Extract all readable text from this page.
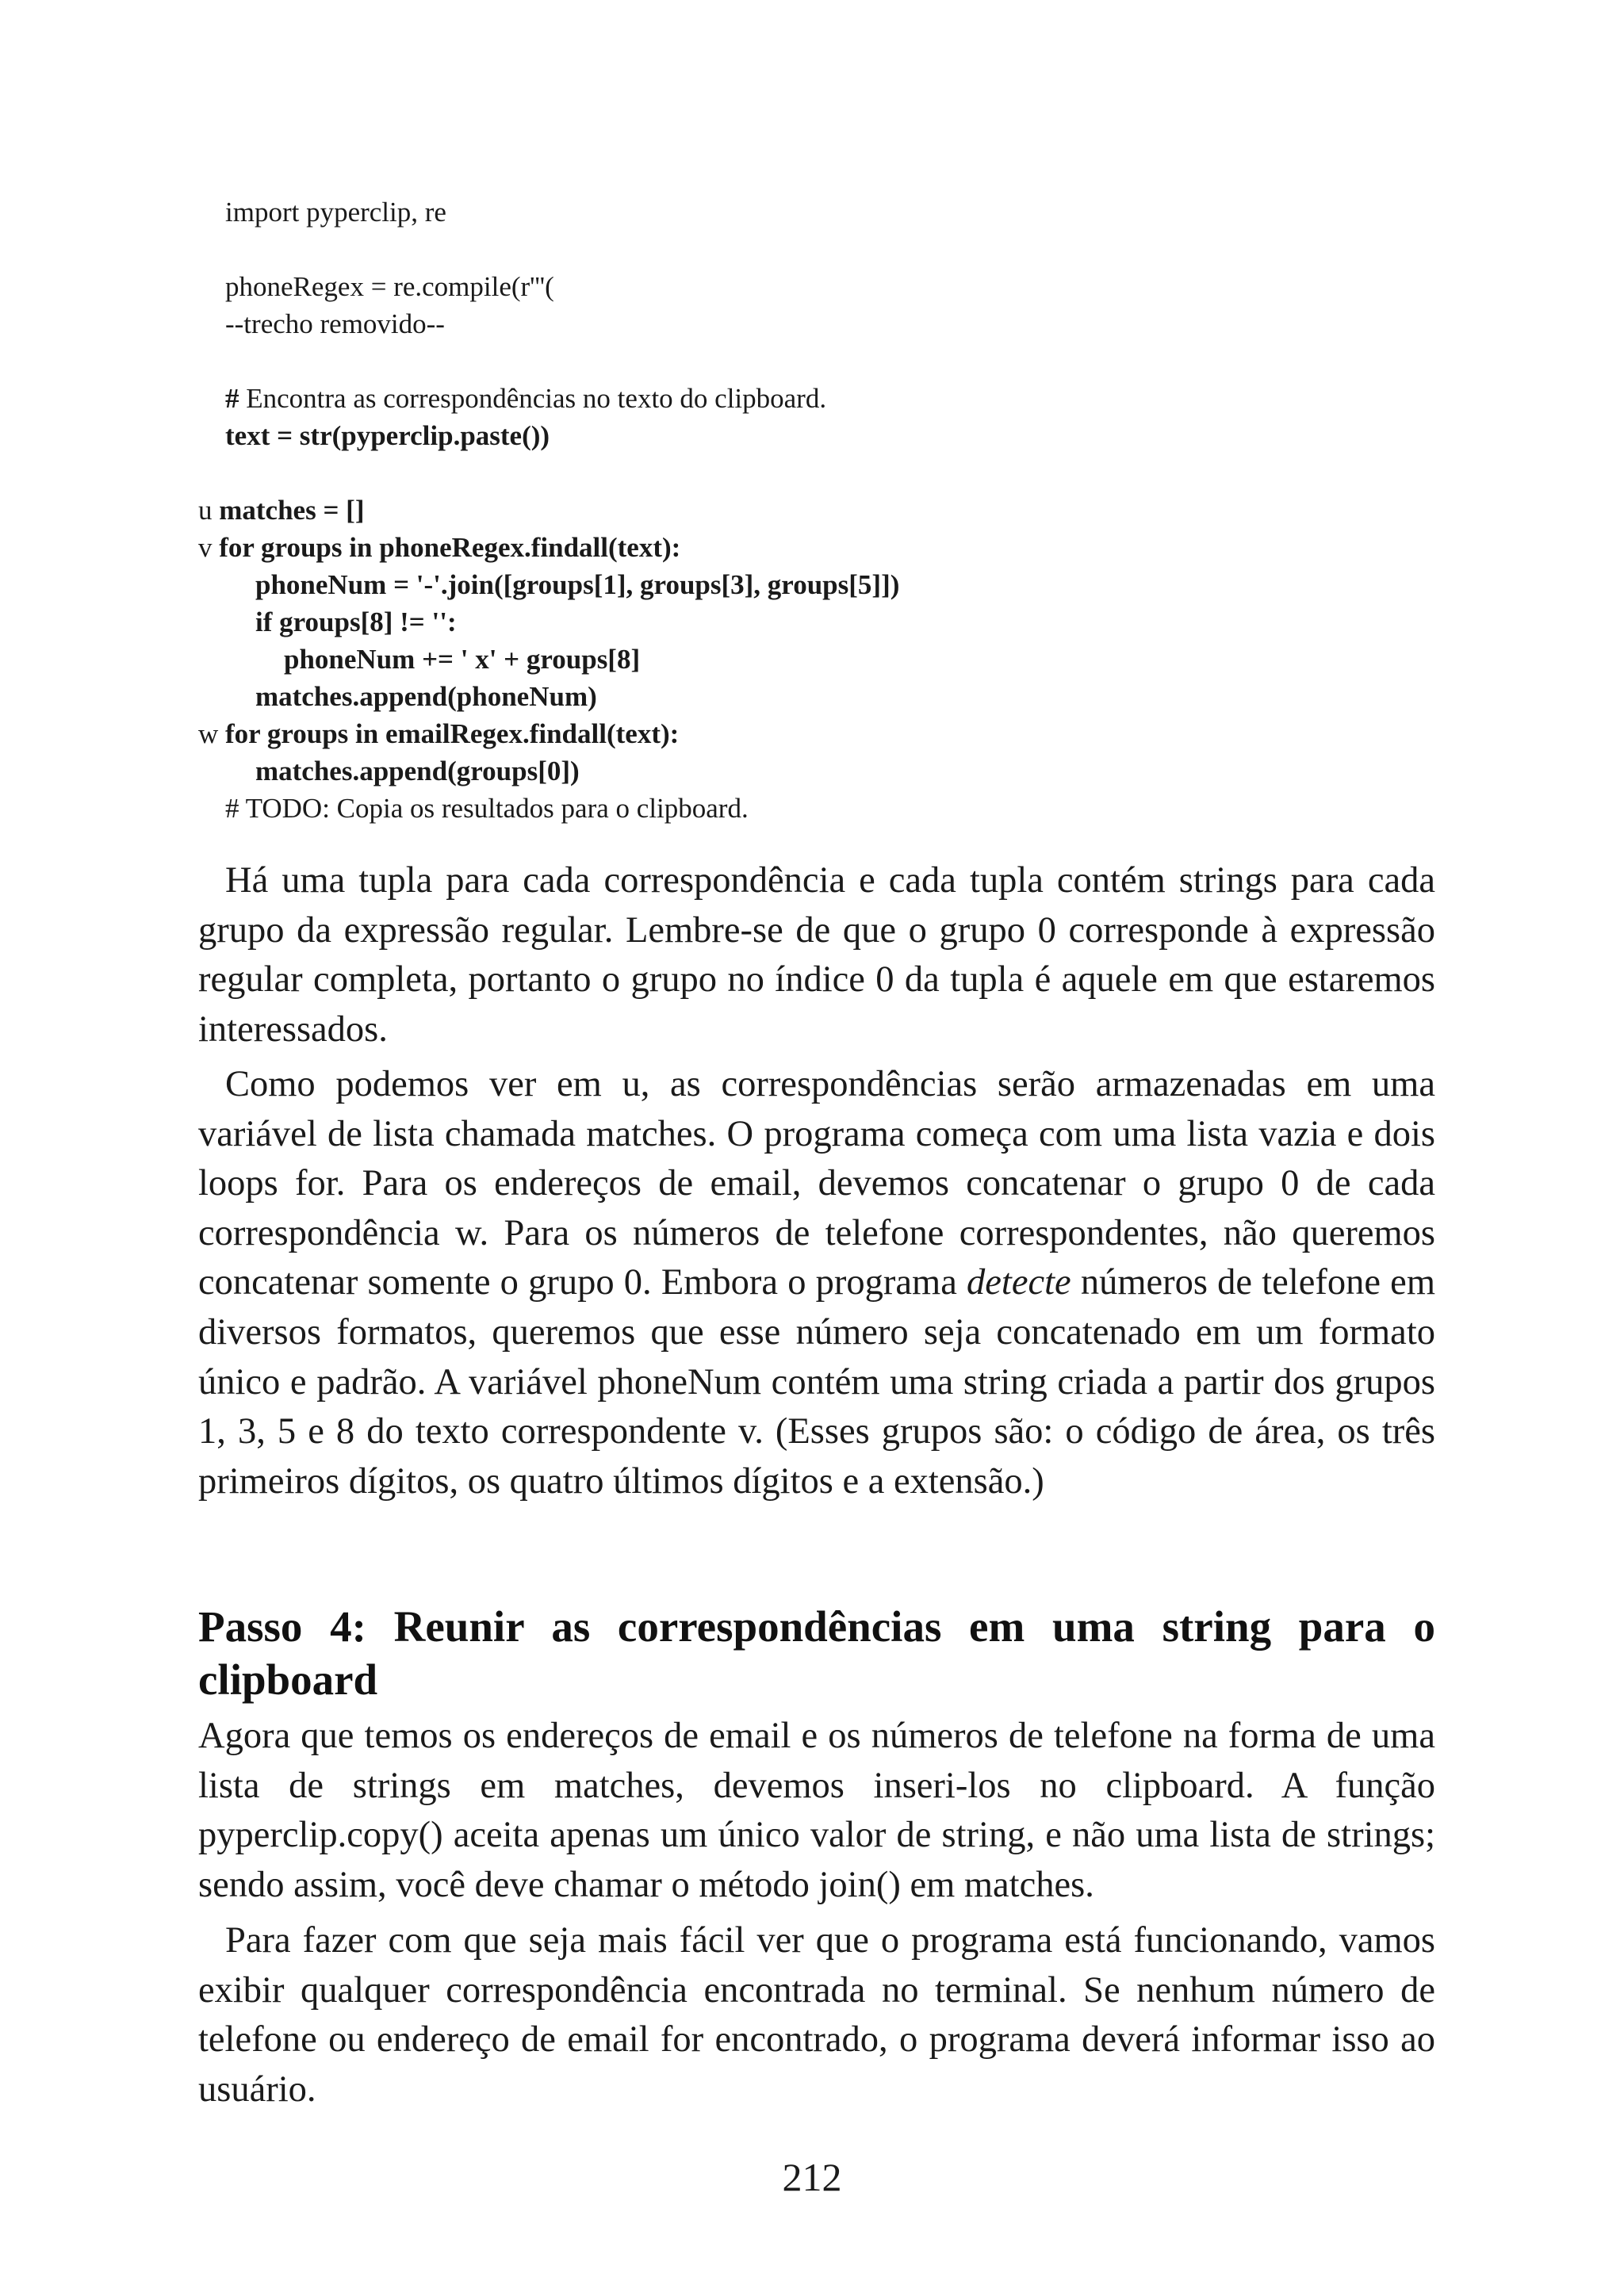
import pyperclip, re
phoneRegex = re.compile(r'''(
--trecho removido--
# Encontra as correspondências no texto do clipboard.
text = str(pyperclip.paste())
u matches = []
v for groups in phoneRegex.findall(text):
phoneNum = '-'.join([groups[1], groups[3], groups[5]])
if groups[8] != '':
phoneNum += ' x' + groups[8]
matches.append(phoneNum)
w for groups in emailRegex.findall(text):
matches.append(groups[0])
# TODO: Copia os resultados para o clipboard.

Há uma tupla para cada correspondência e cada tupla contém strings para cada grupo da expressão regular. Lembre-se de que o grupo 0 corresponde à expressão regular completa, portanto o grupo no índice 0 da tupla é aquele em que estaremos interessados.

Como podemos ver em u, as correspondências serão armazenadas em uma variável de lista chamada matches. O programa começa com uma lista vazia e dois loops for. Para os endereços de email, devemos concatenar o grupo 0 de cada correspondência w. Para os números de telefone correspondentes, não queremos concatenar somente o grupo 0. Embora o programa detecte números de telefone em diversos formatos, queremos que esse número seja concatenado em um formato único e padrão. A variável phoneNum contém uma string criada a partir dos grupos 1, 3, 5 e 8 do texto correspondente v. (Esses grupos são: o código de área, os três primeiros dígitos, os quatro últimos dígitos e a extensão.)

Passo 4: Reunir as correspondências em uma string para o clipboard

Agora que temos os endereços de email e os números de telefone na forma de uma lista de strings em matches, devemos inseri-los no clipboard. A função pyperclip.copy() aceita apenas um único valor de string, e não uma lista de strings; sendo assim, você deve chamar o método join() em matches.

Para fazer com que seja mais fácil ver que o programa está funcionando, vamos exibir qualquer correspondência encontrada no terminal. Se nenhum número de telefone ou endereço de email for encontrado, o programa deverá informar isso ao usuário.

212
